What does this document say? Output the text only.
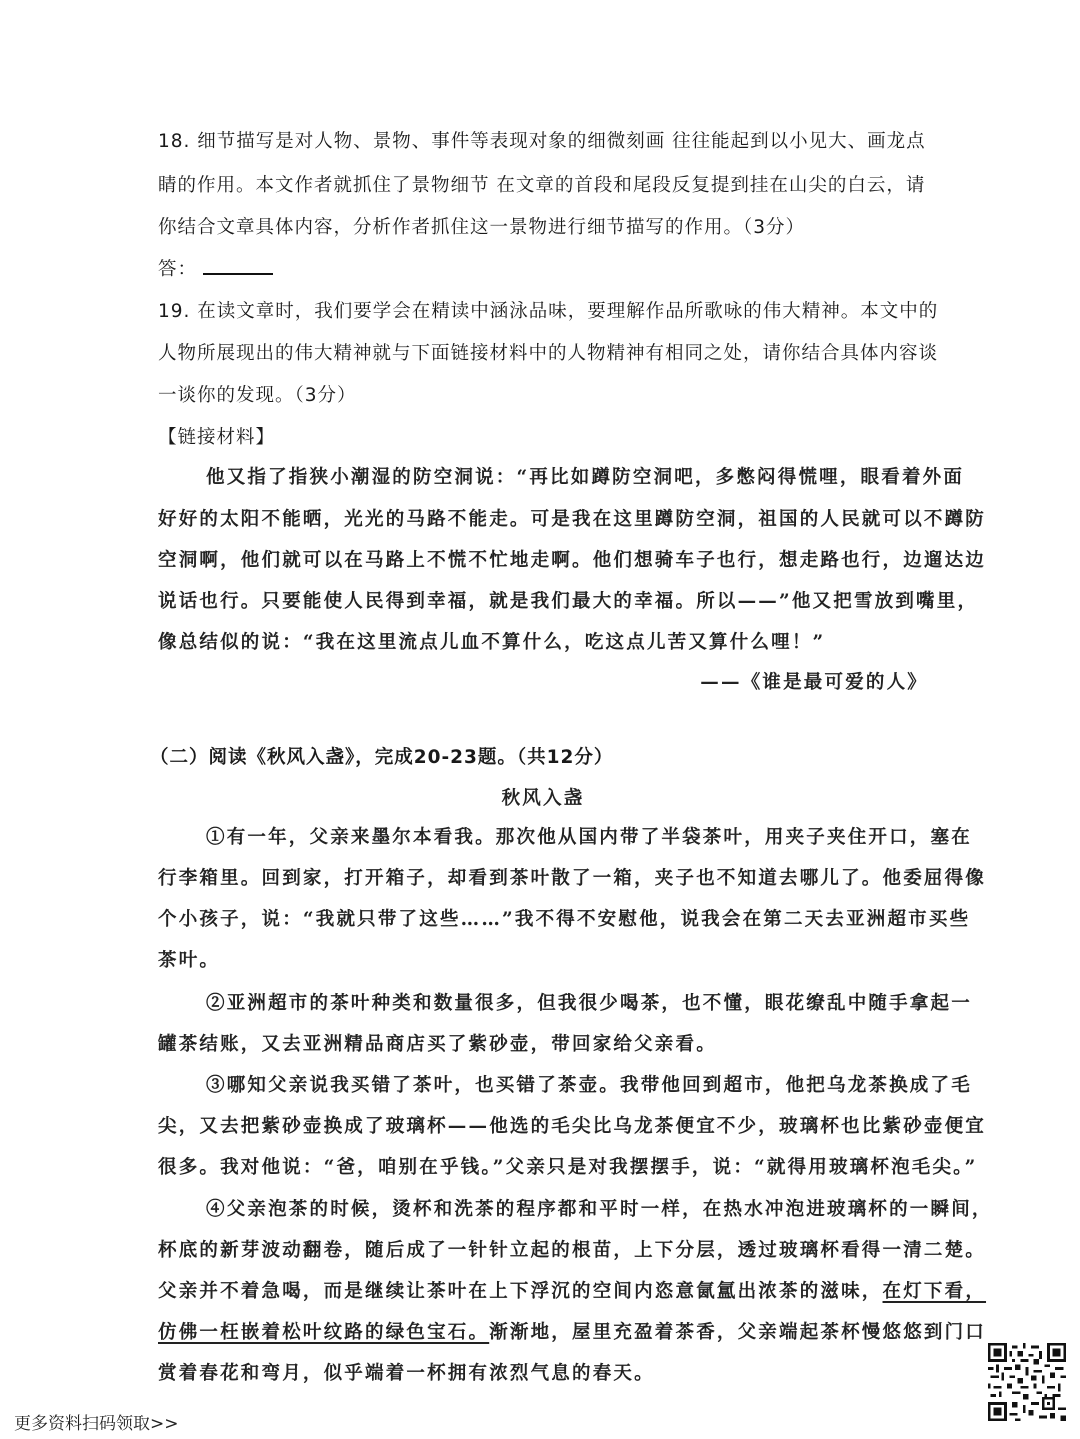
18. 细节描写是对人物、景物、事件等表现对象的细微刻画 往往能起到以小见大、画龙点
睛的作用。本文作者就抓住了景物细节 在文章的首段和尾段反复提到挂在山尖的白云，请
你结合文章具体内容，分析作者抓住这一景物进行细节描写的作用。（3分）
答：
19. 在读文章时，我们要学会在精读中涵泳品味，要理解作品所歌咏的伟大精神。本文中的
人物所展现出的伟大精神就与下面链接材料中的人物精神有相同之处，请你结合具体内容谈
一谈你的发现。（3分）
【链接材料】
他又指了指狭小潮湿的防空洞说：“再比如蹲防空洞吧，多憋闷得慌哩，眼看着外面
好好的太阳不能晒，光光的马路不能走。可是我在这里蹲防空洞，祖国的人民就可以不蹲防
空洞啊，他们就可以在马路上不慌不忙地走啊。他们想骑车子也行，想走路也行，边遛达边
说话也行。只要能使人民得到幸福，就是我们最大的幸福。所以——”他又把雪放到嘴里，
像总结似的说：“我在这里流点儿血不算什么，吃这点儿苦又算什么哩！”
——《谁是最可爱的人》
（二）阅读《秋风入盏》，完成20-23题。（共12分）
秋风入盏
①有一年，父亲来墨尔本看我。那次他从国内带了半袋茶叶，用夹子夹住开口，塞在
行李箱里。回到家，打开箱子，却看到茶叶散了一箱，夹子也不知道去哪儿了。他委屈得像
个小孩子，说：“我就只带了这些……”我不得不安慰他，说我会在第二天去亚洲超市买些
茶叶。
②亚洲超市的茶叶种类和数量很多，但我很少喝茶，也不懂，眼花缭乱中随手拿起一
罐茶结账，又去亚洲精品商店买了紫砂壶，带回家给父亲看。
③哪知父亲说我买错了茶叶，也买错了茶壶。我带他回到超市，他把乌龙茶换成了毛
尖，又去把紫砂壶换成了玻璃杯——他选的毛尖比乌龙茶便宜不少，玻璃杯也比紫砂壶便宜
很多。我对他说：“爸，咱别在乎钱。”父亲只是对我摆摆手，说：“就得用玻璃杯泡毛尖。”
④父亲泡茶的时候，烫杯和洗茶的程序都和平时一样，在热水冲泡进玻璃杯的一瞬间，
杯底的新芽波动翻卷，随后成了一针针立起的根苗，上下分层，透过玻璃杯看得一清二楚。
父亲并不着急喝，而是继续让茶叶在上下浮沉的空间内恣意氤氲出浓茶的滋味，在灯下看，
仿佛一枉嵌着松叶纹路的绿色宝石。渐渐地，屋里充盈着茶香，父亲端起茶杯慢悠悠到门口
赏着春花和弯月，似乎端着一杯拥有浓烈气息的春天。
更多资料扫码领取>>
